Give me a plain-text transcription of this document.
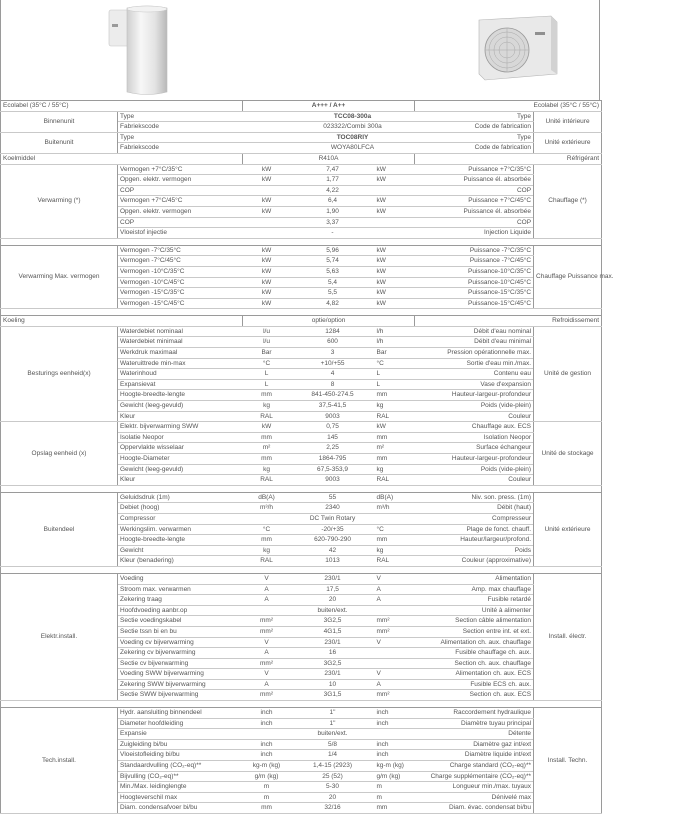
Ecolabel (35°C / 55°C)		A+++ / A++			Ecolabel (35°C / 55°C)	
Binnenunit	Type		TCC08-300a		Type	Unité intérieure
	Fabriekscode		023322/Combi 300a		Code de fabrication	
Buitenunit	Type		TOC08RIY		Type	Unité extérieure
	Fabriekscode		WOYA80LFCA		Code de fabrication	
Koelmiddel		R410A			Réfrigérant	
Verwarming (*)	Vermogen +7°C/35°C	kW	7,47	kW	Puissance +7°C/35°C	Chauffage (*)
	Opgen. elektr. vermogen	kW	1,77	kW	Puissance él. absorbée	
	COP		4,22		COP	
	Vermogen +7°C/45°C	kW	6,4	kW	Puissance +7°C/45°C	
	Opgen. elektr. vermogen	kW	1,90	kW	Puissance él. absorbée	
	COP		3,37		COP	
	Vloeistof injectie		-		Injection Liquide	

Verwarming Max. vermogen	Vermogen -7°C/35°C	kW	5,96	kW	Puissance -7°C/35°C	Chauffage Puissance max.
	Vermogen -7°C/45°C	kW	5,74	kW	Puissance -7°C/45°C	
	Vermogen -10°C/35°C	kW	5,63	kW	Puissance-10°C/35°C	
	Vermogen -10°C/45°C	kW	5,4	kW	Puissance-10°C/45°C	
	Vermogen -15°C/35°C	kW	5,5	kW	Puissance-15°C/35°C	
	Vermogen -15°C/45°C	kW	4,82	kW	Puissance-15°C/45°C	

Koeling		optie/option			Refroidissement	
Besturings eenheid(x)	Waterdebiet nominaal	l/u	1284	l/h	Débit d'eau nominal	Unité de gestion
	Waterdebiet minimaal	l/u	600	l/h	Débit d'eau minimal	
	Werkdruk maximaal	Bar	3	Bar	Pression opérationnelle max.	
	Wateruittrede min-max	°C	+10/+55	°C	Sortie d'eau min./max.	
	Waterinhoud	L	4	L	Contenu eau	
	Expansievat	L	8	L	Vase d'expansion	
	Hoogte-breedte-lengte	mm	841-450-274.5	mm	Hauteur-largeur-profondeur	
	Gewicht (leeg-gevuld)	kg	37,5-41,5	kg	Poids (vide-plein)	
	Kleur	RAL	9003	RAL	Couleur	
Opslag eenheid (x)	Elektr. bijverwarming SWW	kW	0,75	kW	Chauffage aux. ECS	Unité de stockage
	Isolatie Neopor	mm	145	mm	Isolation Neopor	
	Oppervlakte wisselaar	m²	2,25	m²	Surface échangeur	
	Hoogte-Diameter	mm	1864-795	mm	Hauteur-largeur-profondeur	
	Gewicht (leeg-gevuld)	kg	67,5-353,9	kg	Poids (vide-plein)	
	Kleur	RAL	9003	RAL	Couleur	

Buitendeel	Geluidsdruk (1m)	dB(A)	55	dB(A)	Niv. son. press. (1m)	Unité extérieure
	Debiet (hoog)	m³/h	2340	m³/h	Débit (haut)	
	Compressor		DC Twin Rotary		Compresseur	
	Werkingslim. verwarmen	°C	-20/+35	°C	Plage de fonct. chauff.	
	Hoogte-breedte-lengte	mm	620-790-290	mm	Hauteur/largeur/profond.	
	Gewicht	kg	42	kg	Poids	
	Kleur (benadering)	RAL	1013	RAL	Couleur (approximative)	

Elektr.install.	Voeding	V	230/1	V	Alimentation	Install. électr.
	Stroom max. verwarmen	A	17,5	A	Amp. max chauffage	
	Zekering traag	A	20	A	Fusible retardé	
	Hoofdvoeding aanbr.op		buiten/ext.		Unité à alimenter	
	Sectie voedingskabel	mm²	3G2,5	mm²	Section câble alimentation	
	Sectie tssn bi en bu	mm²	4G1,5	mm²	Section entre int. et ext.	
	Voeding cv bijverwarming	V	230/1	V	Alimentation ch. aux. chauffage	
	Zekering cv bijverwarming	A	16		Fusible chauffage ch. aux.	
	Sectie cv bijverwarming	mm²	3G2,5		Section ch. aux. chauffage	
	Voeding SWW bijverwarming	V	230/1	V	Alimentation ch. aux. ECS	
	Zekering SWW bijverwarming	A	10	A	Fusible ECS ch. aux.	
	Sectie SWW bijverwarming	mm²	3G1,5	mm²	Section ch. aux. ECS	

Tech.install.	Hydr. aansluiting binnendeel	inch	1"	inch	Raccordement hydraulique	Install. Techn.
	Diameter hoofdleiding	inch	1"	inch	Diamètre tuyau principal	
	Expansie		buiten/ext.		Détente	
	Zuigleiding bi/bu	inch	5/8	inch	Diamètre gaz int/ext	
	Vloeistofleiding bi/bu	inch	1/4	inch	Diamètre liquide int/ext	
	Standaardvulling (CO₂-eq)**	kg-m (kg)	1,4-15 (2923)	kg-m (kg)	Charge standard (CO₂-eq)**	
	Bijvulling (CO₂-eq)**	g/m (kg)	25 (52)	g/m (kg)	Charge supplémentaire (CO₂-eq)**	
	Min./Max. leidinglengte	m	5-30	m	Longueur min./max. tuyaux	
	Hoogteverschil max	m	20	m	Dénivelé max	
	Diam. condensafvoer bi/bu	mm	32/16	mm	Diam. évac. condensat bi/bu	
